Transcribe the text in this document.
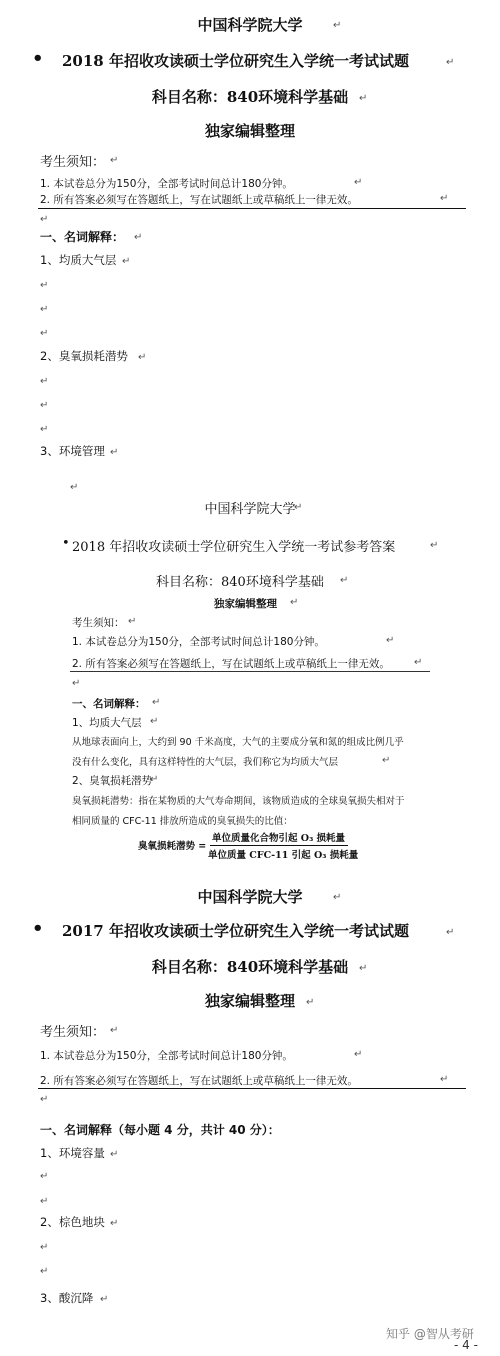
中国科学院大学	↵
• 2018 年招收攻读硕士学位研究生入学统一考试试题	↵
科目名称：840环境科学基础	↵
独家编辑整理
考生须知： ↵
1. 本试卷总分为150分，全部考试时间总计180分钟。	↵
2. 所有答案必须写在答题纸上，写在试题纸上或草稿纸上一律无效。	↵
↵
一、名词解释： ↵
1、均质大气层 ↵
↵
↵
↵
2、臭氧损耗潜势 ↵
↵
↵
↵
3、环境管理 ↵
↵
中国科学院大学
↵
• 2018 年招收攻读硕士学位研究生入学统一考试参考答案	↵
科目名称：840环境科学基础 ↵
独家编辑整理 ↵
考生须知： ↵
1. 本试卷总分为150分，全部考试时间总计180分钟。	↵
2. 所有答案必须写在答题纸上，写在试题纸上或草稿纸上一律无效。 ↵
↵
一、名词解释： ↵
1、均质大气层 ↵
从地球表面向上，大约到 90 千米高度，大气的主要成分氧和氮的组成比例几乎
没有什么变化，具有这样特性的大气层，我们称它为均质大气层	↵
2、臭氧损耗潜势
↵
臭氧损耗潜势：指在某物质的大气寿命期间，该物质造成的全球臭氧损失相对于
相同质量的 CFC-11 排放所造成的臭氧损失的比值：
臭氧损耗潜势 =
单位质量化合物引起 O₃ 损耗量
单位质量 CFC-11 引起 O₃ 损耗量
中国科学院大学	↵
• 2017 年招收攻读硕士学位研究生入学统一考试试题	↵
科目名称：840环境科学基础	↵
独家编辑整理	↵
考生须知： ↵
1. 本试卷总分为150分，全部考试时间总计180分钟。	↵
2. 所有答案必须写在答题纸上，写在试题纸上或草稿纸上一律无效。	↵
↵
一、名词解释（每小题 4 分，共计 40 分）：
1、环境容量 ↵
↵
↵
2、棕色地块 ↵
↵
↵
3、酸沉降 ↵
知乎 @智从考研
- 4 -
